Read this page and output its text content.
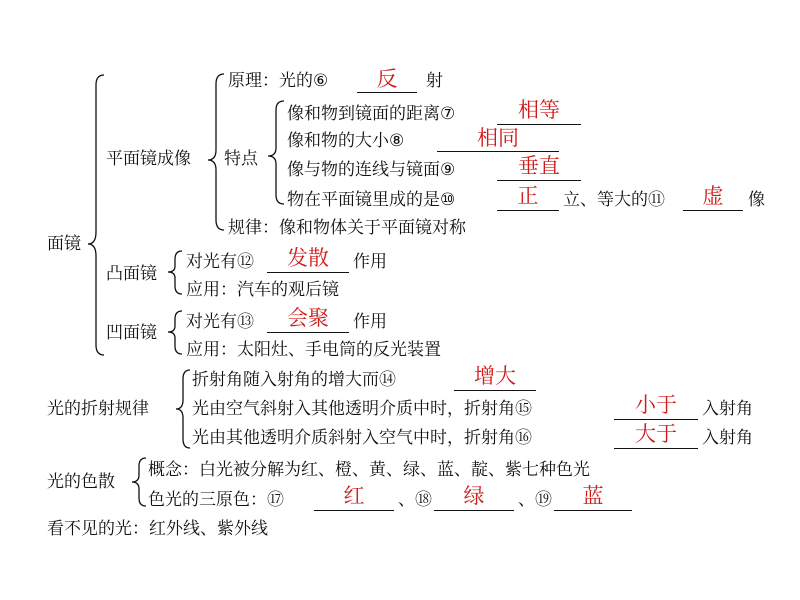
面镜
平面镜成像
原理：光的⑥	反	射
特点
像和物到镜面的距离⑦	相等
像和物的大小⑧	相同
像与物的连线与镜面⑨	垂直
物在平面镜里成的是⑩	正	立、等大的⑪	虚	像
规律：像和物体关于平面镜对称
凸面镜
对光有⑫	发散	作用
应用：汽车的观后镜
凹面镜
对光有⑬	会聚	作用
应用：太阳灶、手电筒的反光装置
光的折射规律
折射角随入射角的增大而⑭	增大
光由空气斜射入其他透明介质中时，折射角⑮	小于	入射角
光由其他透明介质斜射入空气中时，折射角⑯	大于	入射角
光的色散
概念：白光被分解为红、橙、黄、绿、蓝、靛、紫七种色光
色光的三原色：⑰	红	、⑱	绿	、⑲	蓝
看不见的光：红外线、紫外线
